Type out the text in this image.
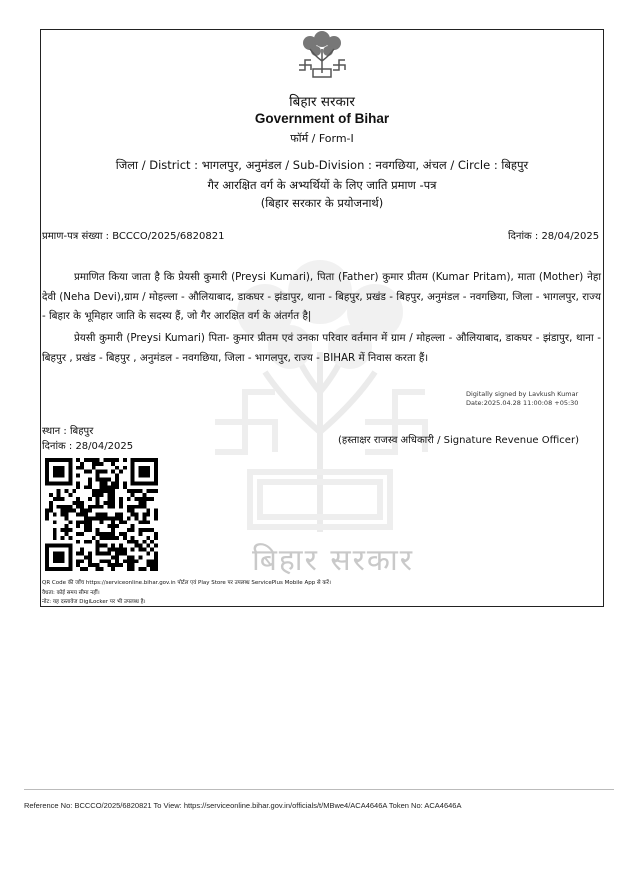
बिहार सरकार
बिहार सरकार
Government of Bihar
फॉर्म / Form-I
जिला / District : भागलपुर, अनुमंडल / Sub-Division : नवगछिया, अंचल / Circle : बिहपुर
गैर आरक्षित वर्ग के अभ्यर्थियों के लिए जाति प्रमाण -पत्र
(बिहार सरकार के प्रयोजनार्थ)
प्रमाण-पत्र संख्या : BCCCO/2025/6820821	दिनांक : 28/04/2025

प्रमाणित किया जाता है कि प्रेयसी कुमारी (Preysi Kumari), पिता (Father) कुमार प्रीतम (Kumar Pritam), माता (Mother) नेहा देवी (Neha Devi),ग्राम / मोहल्ला - औलियाबाद, डाकघर - झंडापुर, थाना - बिहपुर, प्रखंड - बिहपुर, अनुमंडल - नवगछिया, जिला - भागलपुर, राज्य - बिहार के भूमिहार जाति के सदस्य हैं, जो गैर आरक्षित वर्ग के अंतर्गत है|

प्रेयसी कुमारी (Preysi Kumari) पिता- कुमार प्रीतम एवं उनका परिवार वर्तमान में ग्राम / मोहल्ला - औलियाबाद, डाकघर - झंडापुर, थाना - बिहपुर , प्रखंड - बिहपुर , अनुमंडल - नवगछिया, जिला - भागलपुर, राज्य - BIHAR में निवास करता हैं।

Digitally signed by Lavkush Kumar
Date:2025.04.28 11:00:08 +05:30
स्थान : बिहपुर
दिनांक : 28/04/2025
(हस्ताक्षर राजस्व अधिकारी / Signature Revenue Officer)
QR Code की जाँच https://serviceonline.bihar.gov.in पोर्टल एवं Play Store पर उपलब्ध ServicePlus Mobile App से करें।
वैधता: कोई समय सीमा नहीं।
नोट: यह दस्तावेज DigiLocker पर भी उपलब्ध है।
Reference No: BCCCO/2025/6820821 To View: https://serviceonline.bihar.gov.in/officials/t/MBwe4/ACA4646A Token No: ACA4646A
